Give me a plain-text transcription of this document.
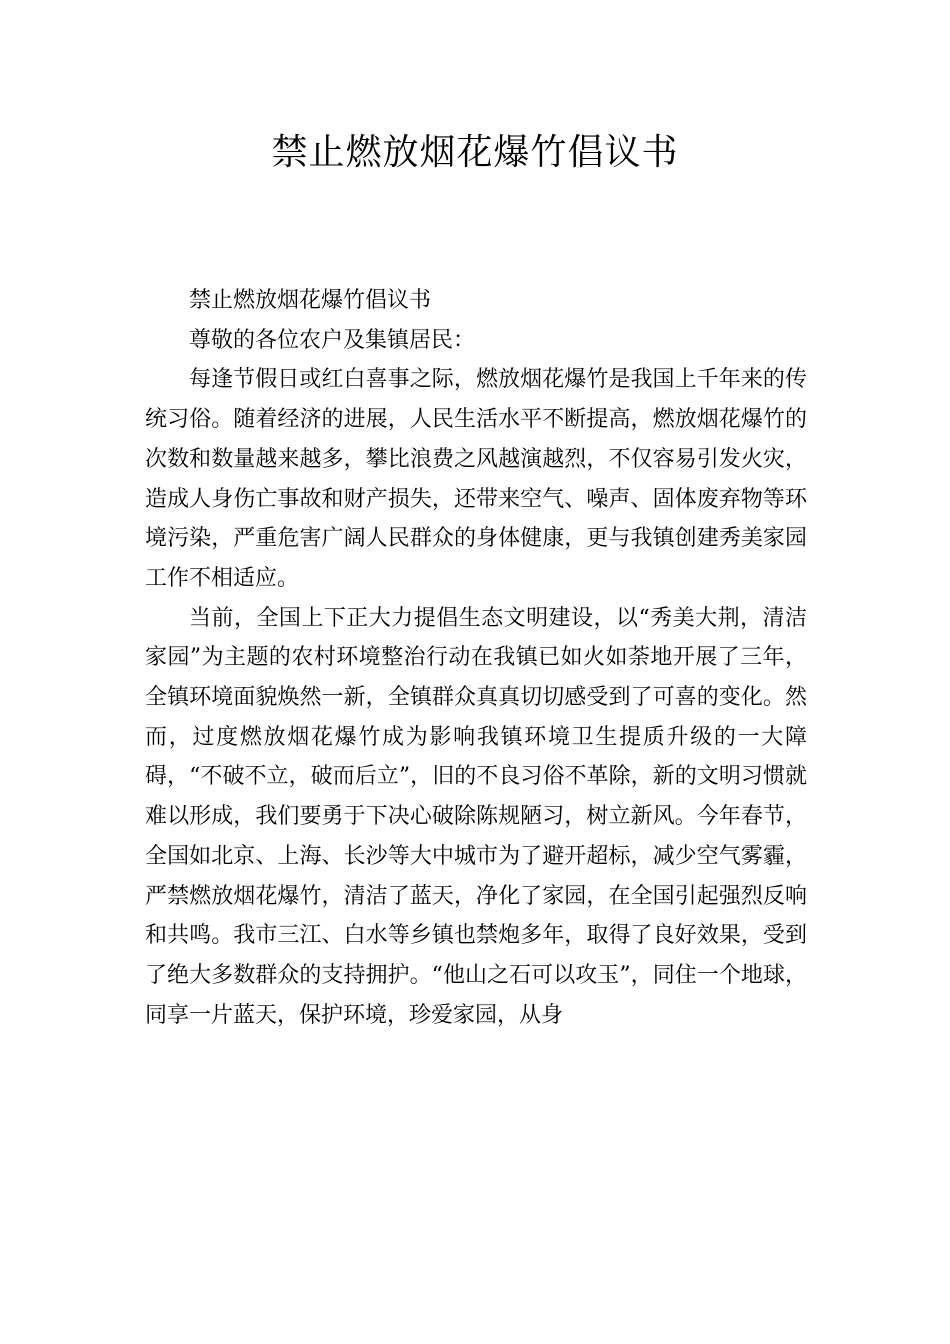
禁止燃放烟花爆竹倡议书

禁止燃放烟花爆竹倡议书

尊敬的各位农户及集镇居民：

每逢节假日或红白喜事之际，燃放烟花爆竹是我国上千年来的传统习俗。随着经济的进展，人民生活水平不断提高，燃放烟花爆竹的次数和数量越来越多，攀比浪费之风越演越烈，不仅容易引发火灾，造成人身伤亡事故和财产损失，还带来空气、噪声、固体废弃物等环境污染，严重危害广阔人民群众的身体健康，更与我镇创建秀美家园工作不相适应。

当前，全国上下正大力提倡生态文明建设，以“秀美大荆，清洁家园”为主题的农村环境整治行动在我镇已如火如荼地开展了三年，全镇环境面貌焕然一新，全镇群众真真切切感受到了可喜的变化。然而，过度燃放烟花爆竹成为影响我镇环境卫生提质升级的一大障碍，“不破不立，破而后立”，旧的不良习俗不革除，新的文明习惯就难以形成，我们要勇于下决心破除陈规陋习，树立新风。今年春节，全国如北京、上海、长沙等大中城市为了避开超标，减少空气雾霾，严禁燃放烟花爆竹，清洁了蓝天，净化了家园，在全国引起强烈反响和共鸣。我市三江、白水等乡镇也禁炮多年，取得了良好效果，受到了绝大多数群众的支持拥护。“他山之石可以攻玉”，同住一个地球，同享一片蓝天，保护环境，珍爱家园，从身
